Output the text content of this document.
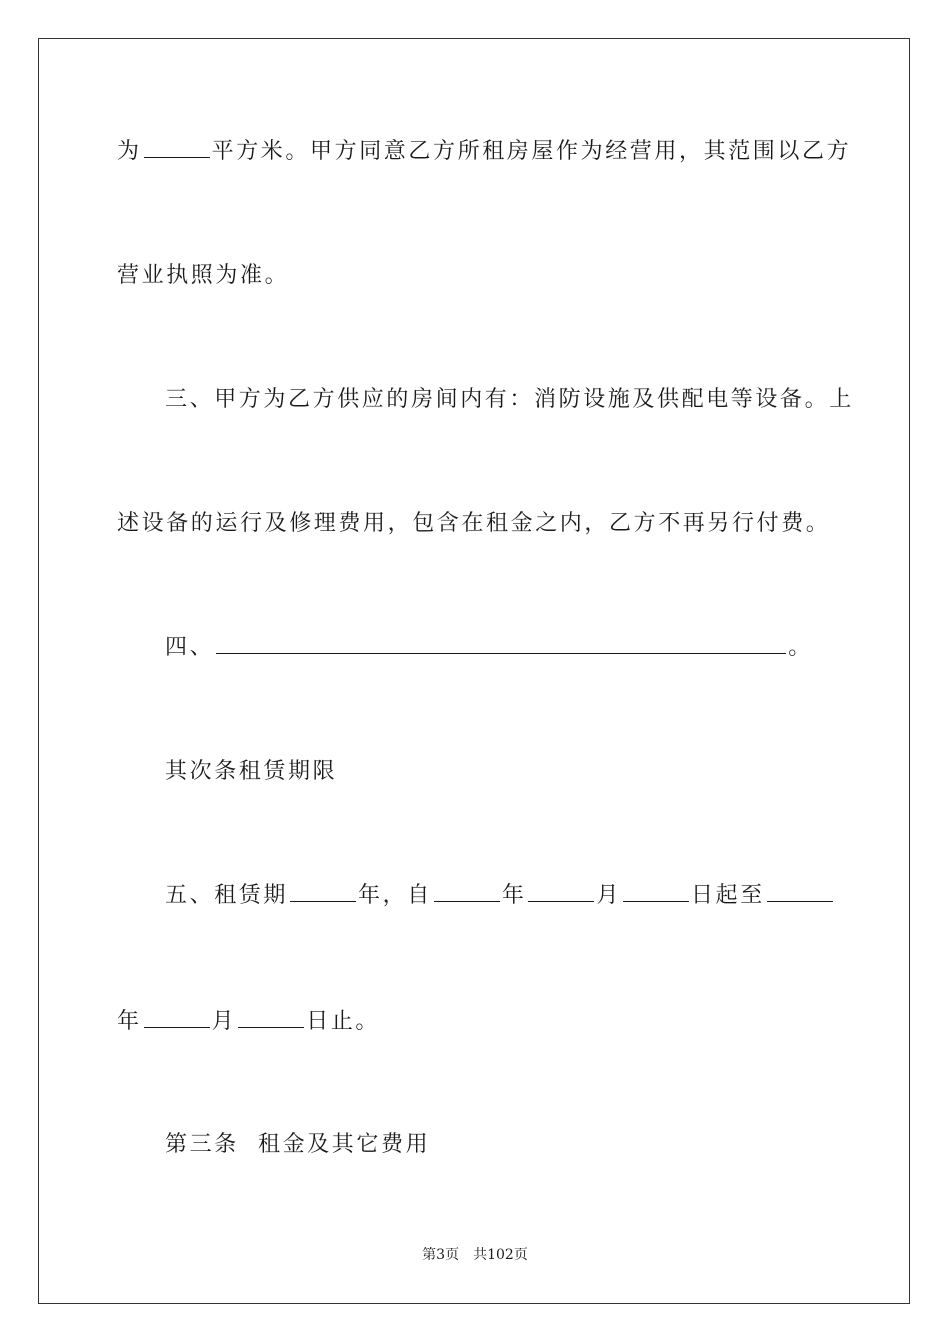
为	平方米。甲方同意乙方所租房屋作为经营用，其范围以乙方
营业执照为准。
三、甲方为乙方供应的房间内有：消防设施及供配电等设备。上
述设备的运行及修理费用，包含在租金之内，乙方不再另行付费。
四、	。
其次条租赁期限
五、租赁期	年，自	年	月	日起至
年	月	日止。
第三条  租金及其它费用
第3页 共102页
